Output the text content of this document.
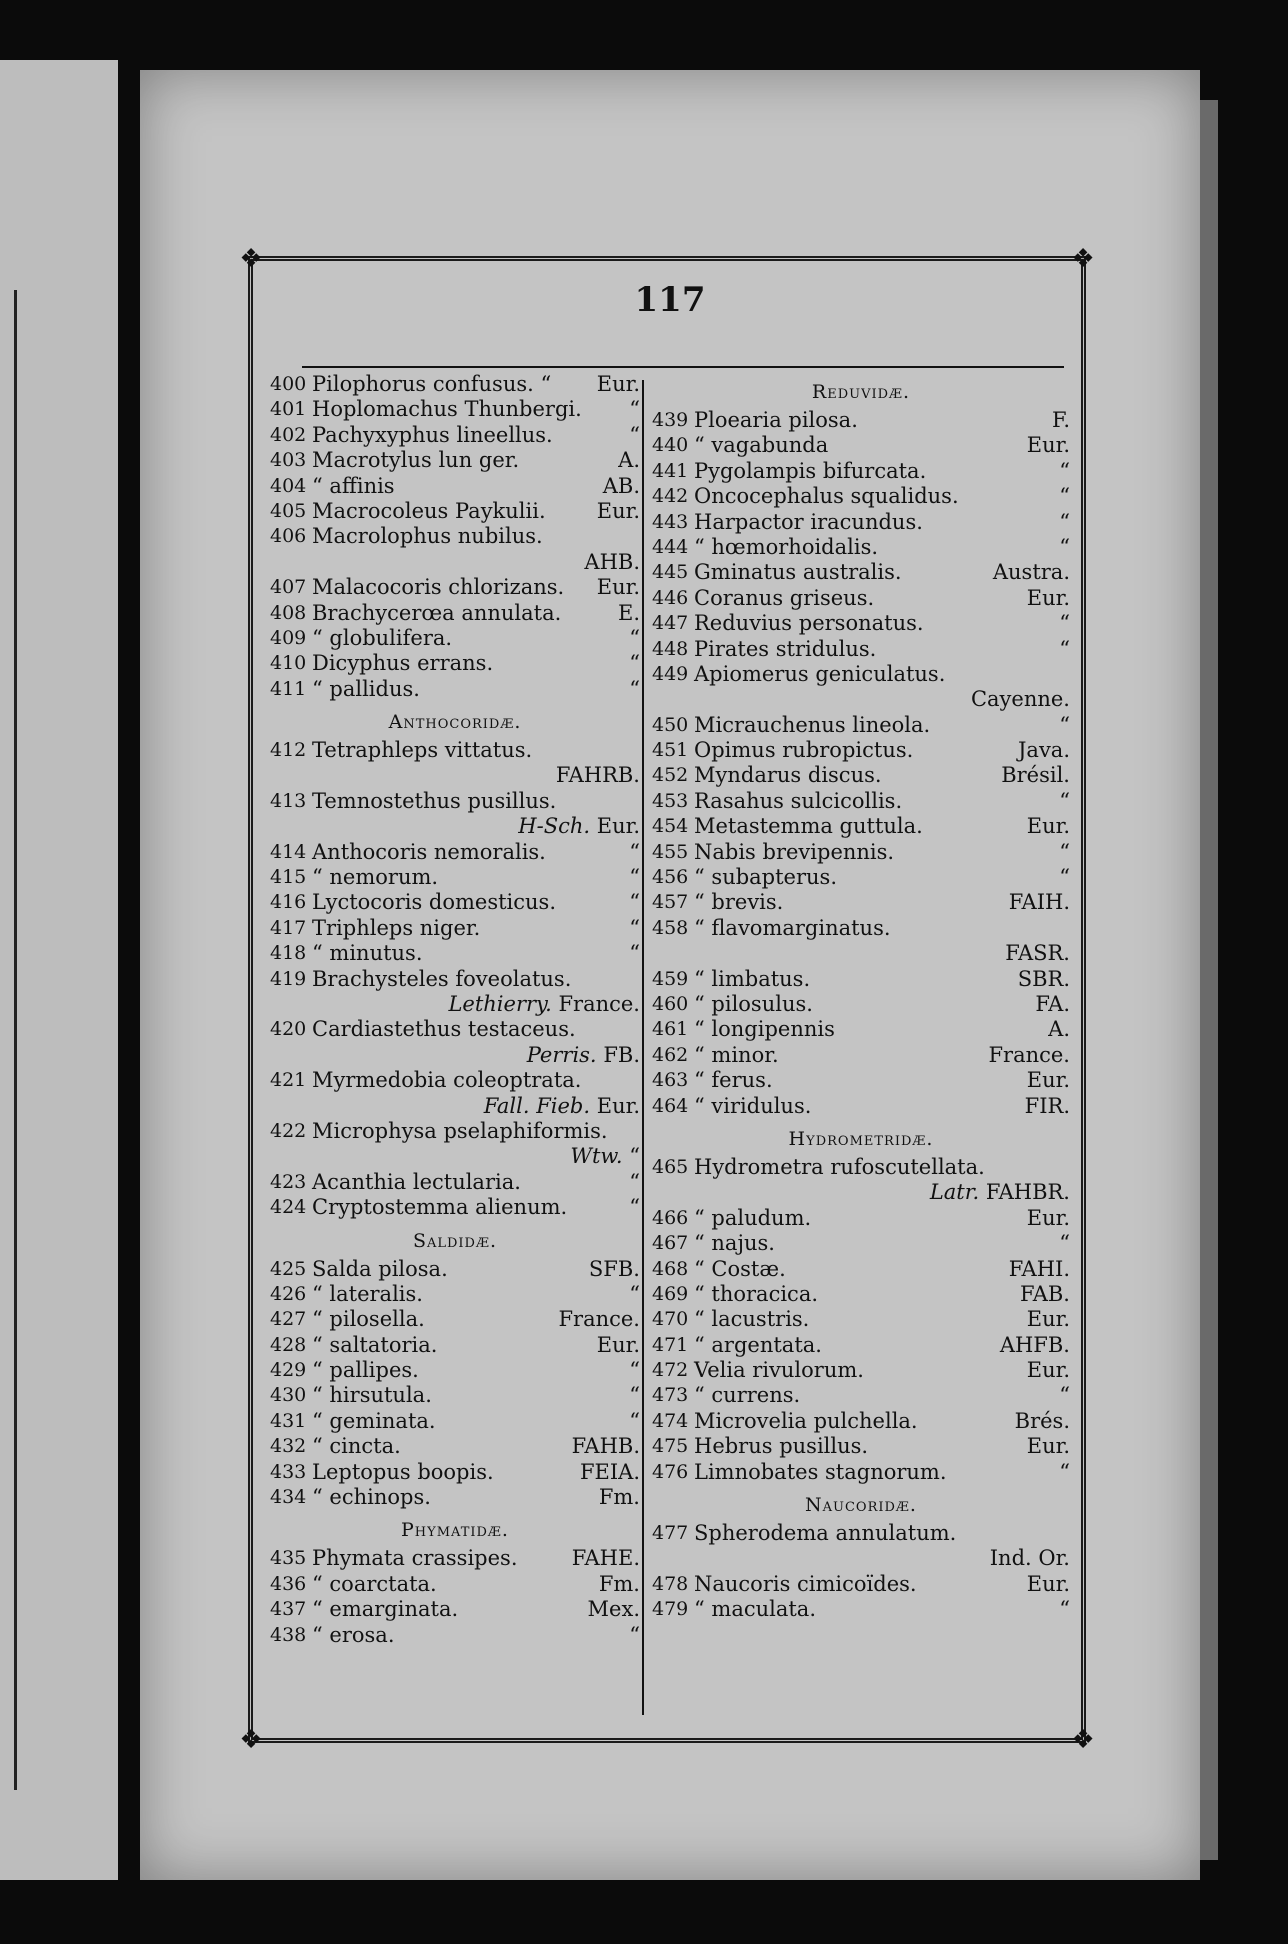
❖	❖
❖	❖
117
400 Pilophorus confusus. “ Eur.
401 Hoplomachus Thunbergi. “
402 Pachyxyphus lineellus.	“
403 Macrotylus lun ger.	A.
404 “ affinis	AB.
405 Macrocoleus Paykulii. Eur.
406 Macrolophus nubilus.
AHB.
407 Malacocoris chlorizans. Eur.
408 Brachycerœa annulata.	E.
409 “ globulifera.	“
410 Dicyphus errans.	“
411 “ pallidus.	“
Anthocoridæ.
412 Tetraphleps vittatus.
FAHRB.
413 Temnostethus pusillus.
H-Sch. Eur.
414 Anthocoris nemoralis.	“
415 “ nemorum.	“
416 Lyctocoris domesticus.	“
417 Triphleps niger.	“
418 “ minutus.	“
419 Brachysteles foveolatus.
Lethierry. France.
420 Cardiastethus testaceus.
Perris. FB.
421 Myrmedobia coleoptrata.
Fall. Fieb. Eur.
422 Microphysa pselaphiformis.
Wtw. “
423 Acanthia lectularia.	“
424 Cryptostemma alienum.	“
Saldidæ.
425 Salda pilosa.	SFB.
426 “ lateralis.	“
427 “ pilosella.	France.
428 “ saltatoria.	Eur.
429 “ pallipes.	“
430 “ hirsutula.	“
431 “ geminata.	“
432 “ cincta.	FAHB.
433 Leptopus boopis.	FEIA.
434 “ echinops.	Fm.
Phymatidæ.
435 Phymata crassipes.	FAHE.
436 “ coarctata.	Fm.
437 “ emarginata.	Mex.
438 “ erosa.	“
Reduvidæ.
439 Ploearia pilosa.	F.
440 “ vagabunda	Eur.
441 Pygolampis bifurcata.	“
442 Oncocephalus squalidus.	“
443 Harpactor iracundus.	“
444 “ hœmorhoidalis.	“
445 Gminatus australis.	Austra.
446 Coranus griseus.	Eur.
447 Reduvius personatus.	“
448 Pirates stridulus.	“
449 Apiomerus geniculatus.
Cayenne.
450 Micrauchenus lineola.	“
451 Opimus rubropictus.	Java.
452 Myndarus discus.	Brésil.
453 Rasahus sulcicollis.	“
454 Metastemma guttula.	Eur.
455 Nabis brevipennis.	“
456 “ subapterus.	“
457 “ brevis.	FAIH.
458 “ flavomarginatus.
FASR.
459 “ limbatus.	SBR.
460 “ pilosulus.	FA.
461 “ longipennis	A.
462 “ minor.	France.
463 “ ferus.	Eur.
464 “ viridulus.	FIR.
Hydrometridæ.
465 Hydrometra rufoscutellata.
Latr. FAHBR.
466 “ paludum.	Eur.
467 “ najus.	“
468 “ Costæ.	FAHI.
469 “ thoracica.	FAB.
470 “ lacustris.	Eur.
471 “ argentata.	AHFB.
472 Velia rivulorum.	Eur.
473 “ currens.	“
474 Microvelia pulchella.	Brés.
475 Hebrus pusillus.	Eur.
476 Limnobates stagnorum.	“
Naucoridæ.
477 Spherodema annulatum.
Ind. Or.
478 Naucoris cimicoïdes.	Eur.
479 “ maculata.	“
